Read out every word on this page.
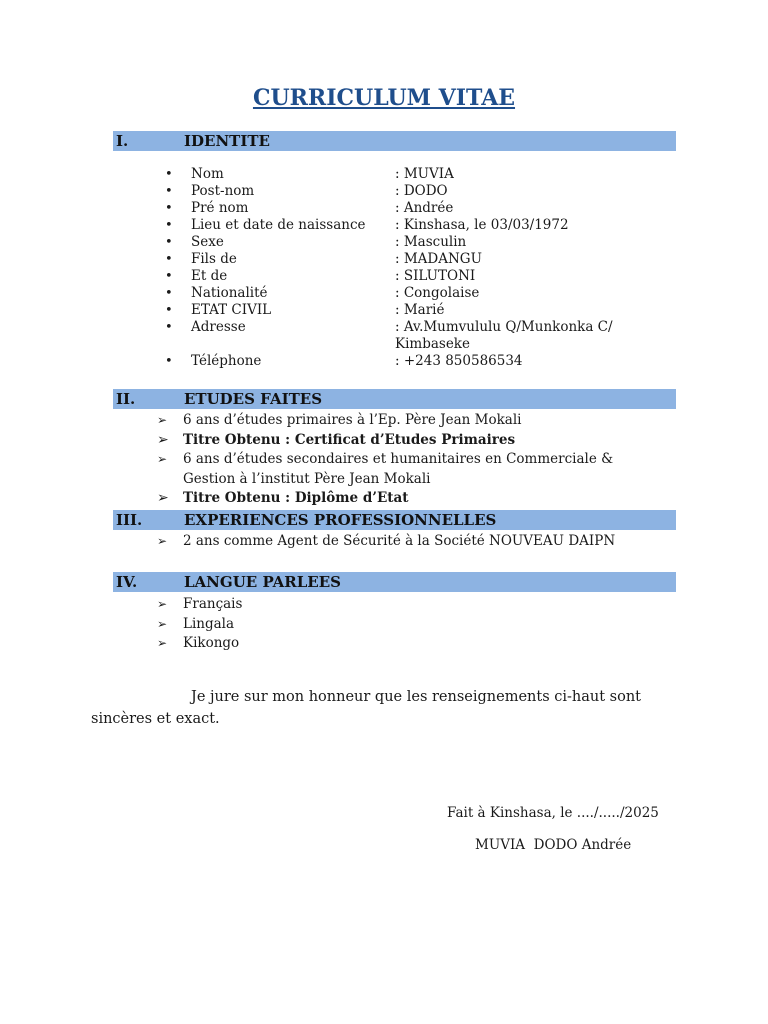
CURRICULUM VITAE
I.	IDENTITE
• Nom	: MUVIA
• Post-nom	: DODO
• Pré nom	: Andrée
• Lieu et date de naissance : Kinshasa, le 03/03/1972
• Sexe	: Masculin
• Fils de	: MADANGU
• Et de	: SILUTONI
• Nationalité	: Congolaise
• ETAT CIVIL	: Marié
• Adresse	: Av.Mumvululu Q/Munkonka C/ Kimbaseke
• Téléphone	: +243 850586534
II.	ETUDES FAITES
➢ 6 ans d’études primaires à l’Ep. Père Jean Mokali
➢ Titre Obtenu : Certificat d’Etudes Primaires
➢ 6 ans d’études secondaires et humanitaires en Commerciale & Gestion à l’institut Père Jean Mokali
➢ Titre Obtenu : Diplôme d’Etat
III.	EXPERIENCES PROFESSIONNELLES
➢ 2 ans comme Agent de Sécurité à la Société NOUVEAU DAIPN
IV.	LANGUE PARLEES
➢ Français
➢ Lingala
➢ Kikongo

Je jure sur mon honneur que les renseignements ci-haut sont sincères et exact.

Fait à Kinshasa, le ..../...../2025
MUVIA  DODO Andrée
